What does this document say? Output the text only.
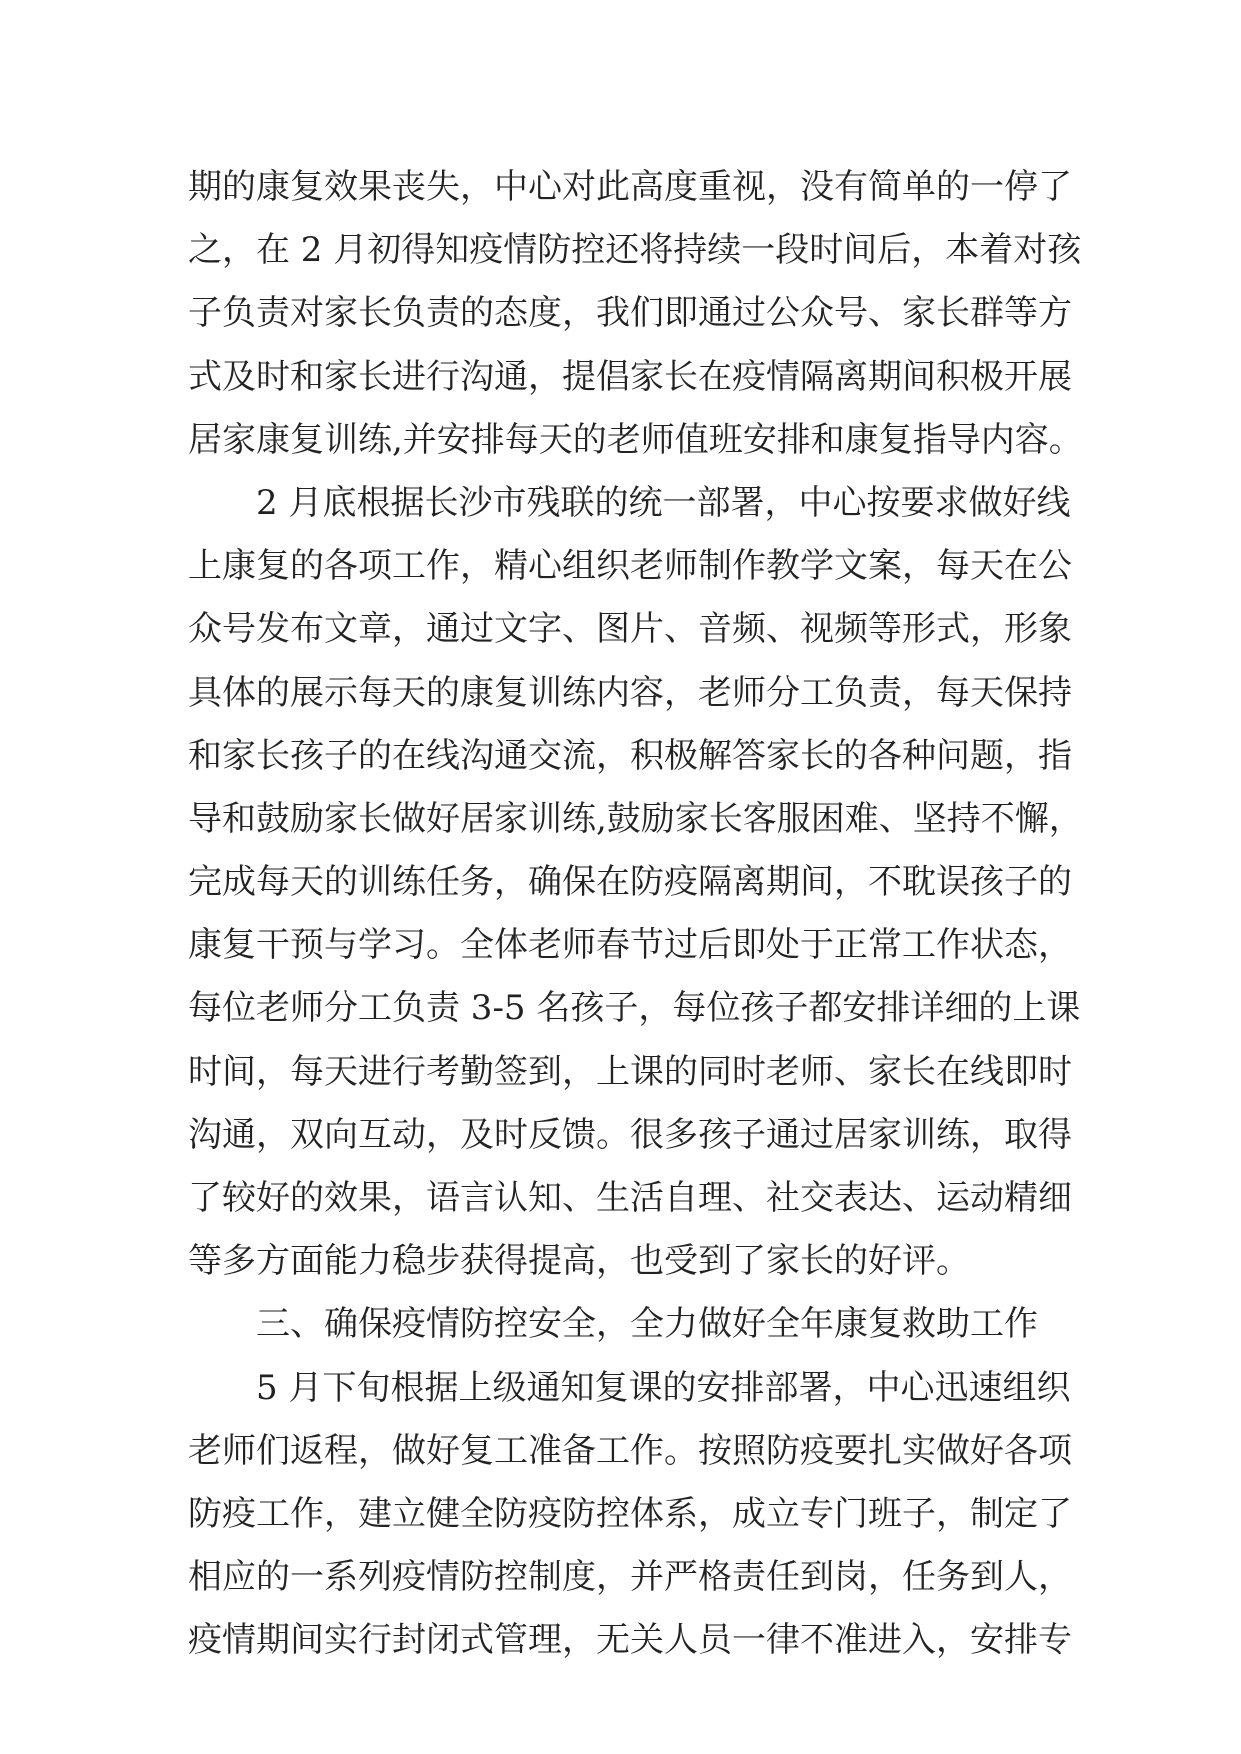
期的康复效果丧失，中心对此高度重视，没有简单的一停了
之，在 2 月初得知疫情防控还将持续一段时间后，本着对孩
子负责对家长负责的态度，我们即通过公众号、家长群等方
式及时和家长进行沟通，提倡家长在疫情隔离期间积极开展
居家康复训练,并安排每天的老师值班安排和康复指导内容。
2 月底根据长沙市残联的统一部署，中心按要求做好线
上康复的各项工作，精心组织老师制作教学文案，每天在公
众号发布文章，通过文字、图片、音频、视频等形式，形象
具体的展示每天的康复训练内容，老师分工负责，每天保持
和家长孩子的在线沟通交流，积极解答家长的各种问题，指
导和鼓励家长做好居家训练,鼓励家长客服困难、坚持不懈，
完成每天的训练任务，确保在防疫隔离期间，不耽误孩子的
康复干预与学习。全体老师春节过后即处于正常工作状态，
每位老师分工负责 3-5 名孩子，每位孩子都安排详细的上课
时间，每天进行考勤签到，上课的同时老师、家长在线即时
沟通，双向互动，及时反馈。很多孩子通过居家训练，取得
了较好的效果，语言认知、生活自理、社交表达、运动精细
等多方面能力稳步获得提高，也受到了家长的好评。
三、确保疫情防控安全，全力做好全年康复救助工作
5 月下旬根据上级通知复课的安排部署，中心迅速组织
老师们返程，做好复工准备工作。按照防疫要扎实做好各项
防疫工作，建立健全防疫防控体系，成立专门班子，制定了
相应的一系列疫情防控制度，并严格责任到岗，任务到人，
疫情期间实行封闭式管理，无关人员一律不准进入，安排专
